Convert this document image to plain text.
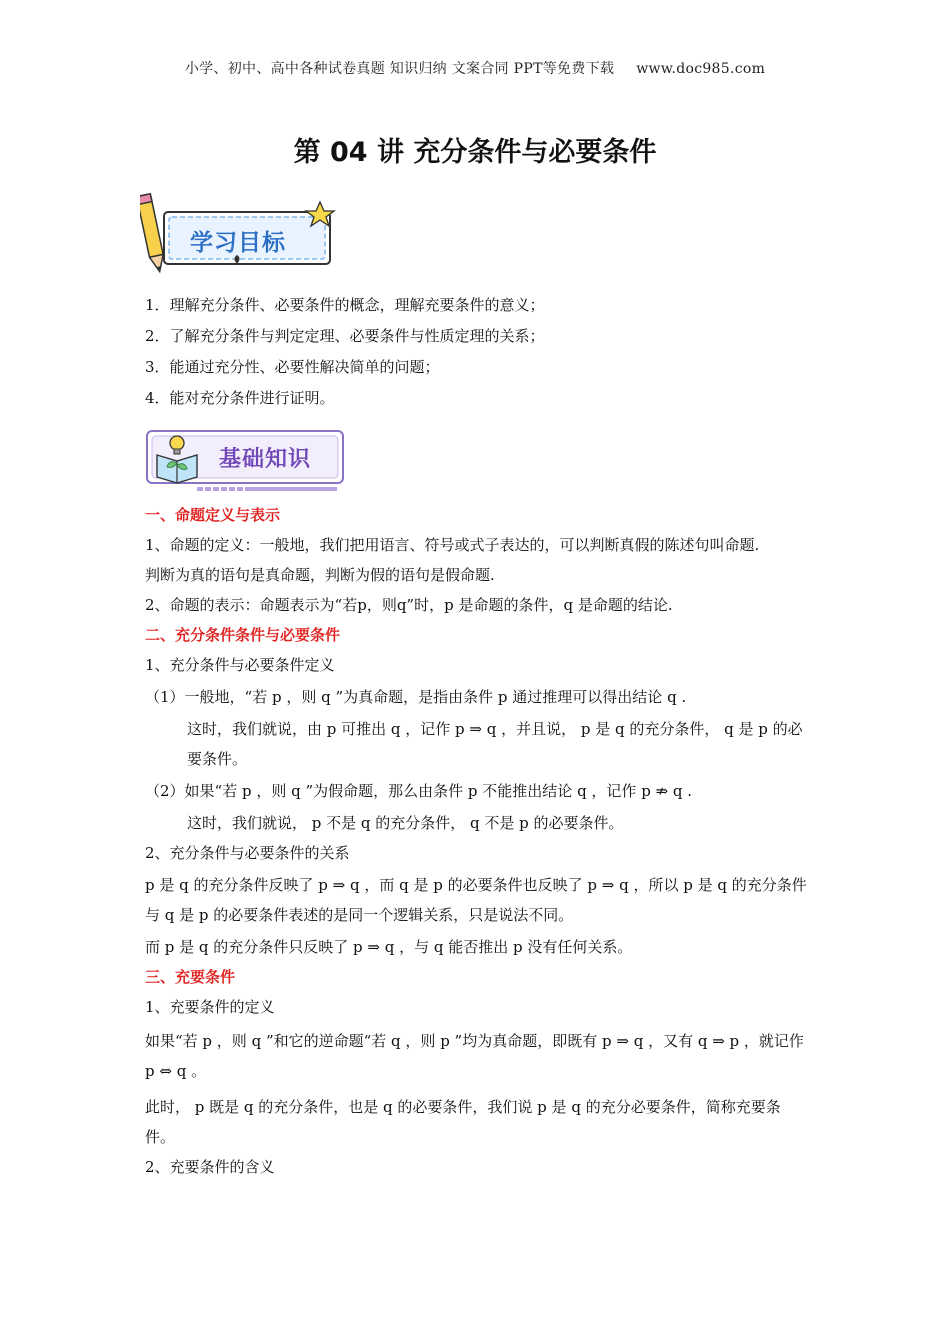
小学、初中、高中各种试卷真题 知识归纳 文案合同 PPT等免费下载 www.doc985.com
第 04 讲 充分条件与必要条件
学习目标
1．理解充分条件、必要条件的概念，理解充要条件的意义；
2．了解充分条件与判定定理、必要条件与性质定理的关系；
3．能通过充分性、必要性解决简单的问题；
4．能对充分条件进行证明。
基础知识

一、命题定义与表示

1、命题的定义：一般地，我们把用语言、符号或式子表达的，可以判断真假的陈述句叫命题.

判断为真的语句是真命题，判断为假的语句是假命题.

2、命题的表示：命题表示为“若p，则q”时，p 是命题的条件，q 是命题的结论.

二、充分条件条件与必要条件

1、充分条件与必要条件定义

（1）一般地，“若 p ，则 q ”为真命题，是指由条件 p 通过推理可以得出结论 q .

这时，我们就说，由 p 可推出 q ，记作 p ⇒ q ，并且说， p 是 q 的充分条件， q 是 p 的必要条件。

（2）如果“若 p ，则 q ”为假命题，那么由条件 p 不能推出结论 q ，记作 p ⇏ q .

这时，我们就说， p 不是 q 的充分条件， q 不是 p 的必要条件。

2、充分条件与必要条件的关系

p 是 q 的充分条件反映了 p ⇒ q ，而 q 是 p 的必要条件也反映了 p ⇒ q ，所以 p 是 q 的充分条件与 q 是 p 的必要条件表述的是同一个逻辑关系，只是说法不同。

而 p 是 q 的充分条件只反映了 p ⇒ q ，与 q 能否推出 p 没有任何关系。

三、充要条件

1、充要条件的定义

如果“若 p ，则 q ”和它的逆命题“若 q ，则 p ”均为真命题，即既有 p ⇒ q ，又有 q ⇒ p ，就记作 p ⇔ q 。

此时， p 既是 q 的充分条件，也是 q 的必要条件，我们说 p 是 q 的充分必要条件，简称充要条件。

2、充要条件的含义
